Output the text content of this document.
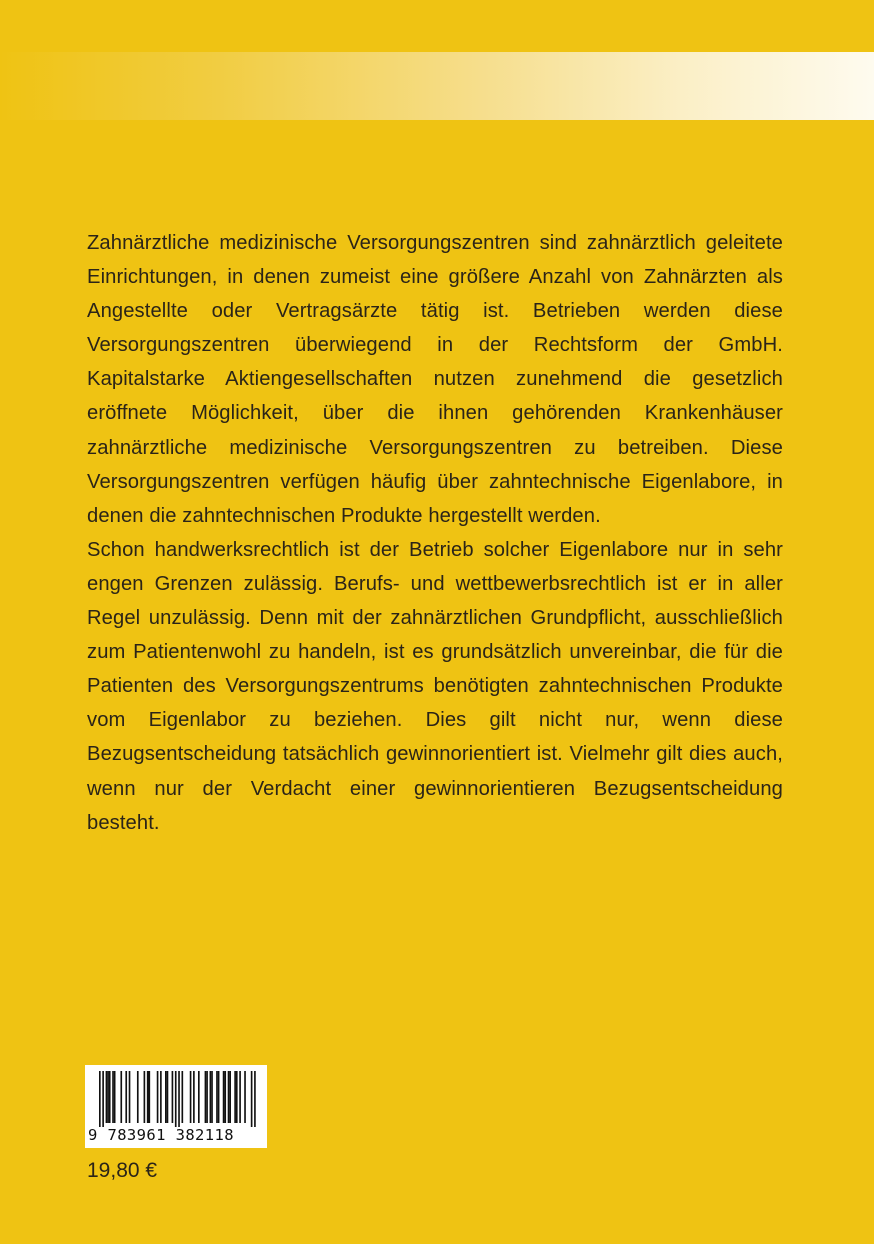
Zahnärztliche medizinische Versorgungszentren sind zahnärztlich geleitete Einrichtungen, in denen zumeist eine größere Anzahl von Zahnärzten als Angestellte oder Vertragsärzte tätig ist. Betrieben werden diese Versorgungszentren überwiegend in der Rechtsform der GmbH. Kapitalstarke Aktiengesellschaften nutzen zunehmend die gesetzlich eröffnete Möglichkeit, über die ihnen gehörenden Krankenhäuser zahnärztliche medizinische Versorgungszentren zu betreiben. Diese Versorgungszentren verfügen häufig über zahntechnische Eigenlabore, in denen die zahntechnischen Produkte hergestellt werden.

Schon handwerksrechtlich ist der Betrieb solcher Eigenlabore nur in sehr engen Grenzen zulässig. Berufs- und wettbewerbsrechtlich ist er in aller Regel unzulässig. Denn mit der zahnärztlichen Grundpflicht, ausschließlich zum Patientenwohl zu handeln, ist es grundsätzlich unvereinbar, die für die Patienten des Versorgungszentrums benötigten zahntechnischen Produkte vom Eigenlabor zu beziehen. Dies gilt nicht nur, wenn diese Bezugsentscheidung tatsächlich gewinnorientiert ist. Vielmehr gilt dies auch, wenn nur der Verdacht einer gewinnorientieren Bezugsentscheidung besteht.

9 783961 382118
19,80 €
